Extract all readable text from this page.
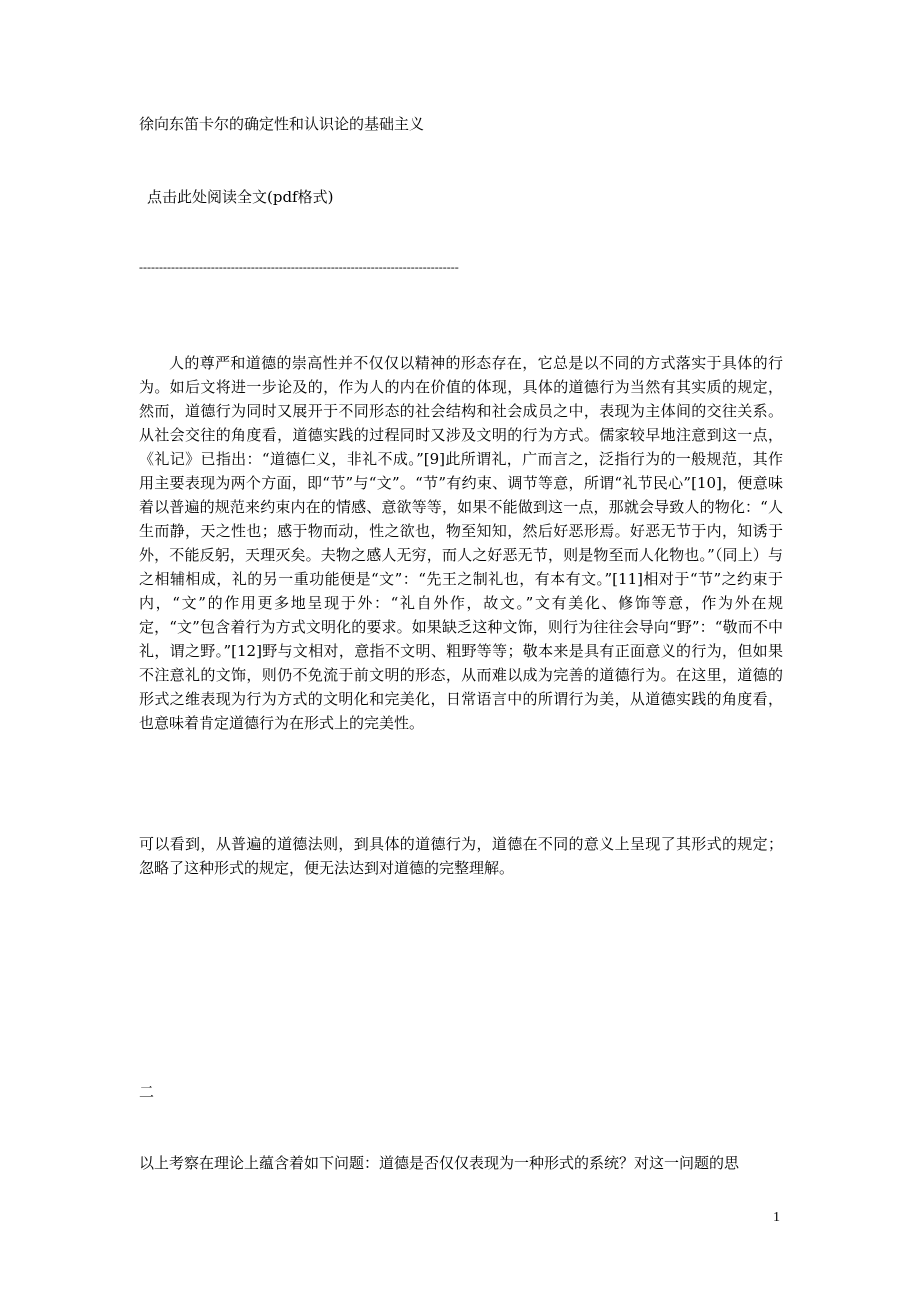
徐向东笛卡尔的确定性和认识论的基础主义
点击此处阅读全文(pdf格式)
--------------------------------------------------------------------------------

人的尊严和道德的崇高性并不仅仅以精神的形态存在，它总是以不同的方式落实于具体的行为。如后文将进一步论及的，作为人的内在价值的体现，具体的道德行为当然有其实质的规定，然而，道德行为同时又展开于不同形态的社会结构和社会成员之中，表现为主体间的交往关系。从社会交往的角度看，道德实践的过程同时又涉及文明的行为方式。儒家较早地注意到这一点，《礼记》已指出：“道德仁义，非礼不成。”[9]此所谓礼，广而言之，泛指行为的一般规范，其作用主要表现为两个方面，即“节”与“文”。“节”有约束、调节等意，所谓“礼节民心”[10]，便意味着以普遍的规范来约束内在的情感、意欲等等，如果不能做到这一点，那就会导致人的物化：“人生而静，天之性也；感于物而动，性之欲也，物至知知，然后好恶形焉。好恶无节于内，知诱于外，不能反躬，天理灭矣。夫物之感人无穷，而人之好恶无节，则是物至而人化物也。”（同上）与之相辅相成，礼的另一重功能便是“文”：“先王之制礼也，有本有文。”[11]相对于“节”之约束于内，“文”的作用更多地呈现于外：“礼自外作，故文。”文有美化、修饰等意，作为外在规定，“文”包含着行为方式文明化的要求。如果缺乏这种文饰，则行为往往会导向“野”：“敬而不中礼，谓之野。”[12]野与文相对，意指不文明、粗野等等；敬本来是具有正面意义的行为，但如果不注意礼的文饰，则仍不免流于前文明的形态，从而难以成为完善的道德行为。在这里，道德的形式之维表现为行为方式的文明化和完美化，日常语言中的所谓行为美，从道德实践的角度看，也意味着肯定道德行为在形式上的完美性。

可以看到，从普遍的道德法则，到具体的道德行为，道德在不同的意义上呈现了其形式的规定；忽略了这种形式的规定，便无法达到对道德的完整理解。

二

以上考察在理论上蕴含着如下问题：道德是否仅仅表现为一种形式的系统？对这一问题的思

1
